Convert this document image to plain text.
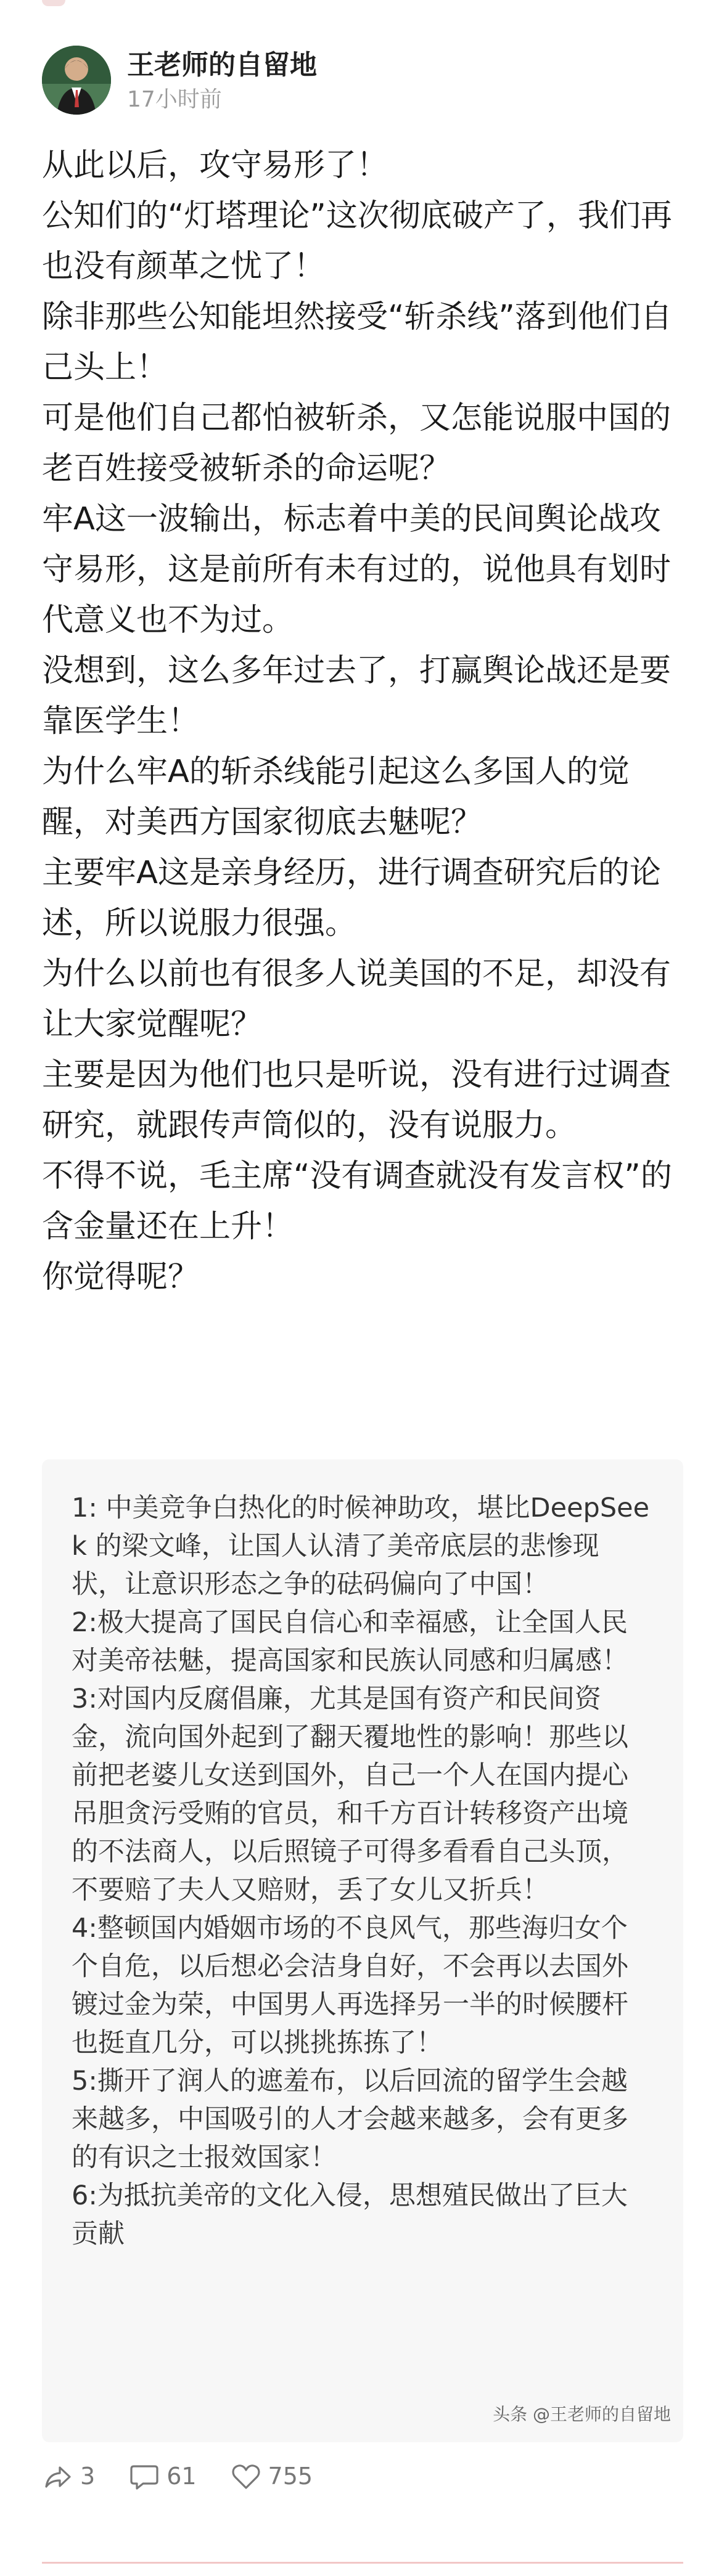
王老师的自留地
17小时前

从此以后，攻守易形了！

公知们的“灯塔理论”这次彻底破产了，我们再也没有颜革之忧了！

除非那些公知能坦然接受“斩杀线”落到他们自己头上！

可是他们自己都怕被斩杀，又怎能说服中国的老百姓接受被斩杀的命运呢？

牢A这一波输出，标志着中美的民间舆论战攻守易形，这是前所有未有过的，说他具有划时代意义也不为过。

没想到，这么多年过去了，打赢舆论战还是要靠医学生！

为什么牢A的斩杀线能引起这么多国人的觉醒，对美西方国家彻底去魅呢？

主要牢A这是亲身经历，进行调查研究后的论述，所以说服力很强。

为什么以前也有很多人说美国的不足，却没有让大家觉醒呢？

主要是因为他们也只是听说，没有进行过调查研究，就跟传声筒似的，没有说服力。

不得不说，毛主席“没有调查就没有发言权”的含金量还在上升！

你觉得呢？

1: 中美竞争白热化的时候神助攻，堪比DeepSeek 的梁文峰，让国人认清了美帝底层的悲惨现状，让意识形态之争的砝码偏向了中国！

2:极大提高了国民自信心和幸福感，让全国人民对美帝祛魅，提高国家和民族认同感和归属感！

3:对国内反腐倡廉，尤其是国有资产和民间资金，流向国外起到了翻天覆地性的影响！那些以前把老婆儿女送到国外，自己一个人在国内提心吊胆贪污受贿的官员，和千方百计转移资产出境的不法商人，以后照镜子可得多看看自己头顶，不要赔了夫人又赔财，丢了女儿又折兵！

4:整顿国内婚姻市场的不良风气，那些海归女个个自危，以后想必会洁身自好，不会再以去国外镀过金为荣，中国男人再选择另一半的时候腰杆也挺直几分，可以挑挑拣拣了！

5:撕开了润人的遮羞布，以后回流的留学生会越来越多，中国吸引的人才会越来越多，会有更多的有识之士报效国家！

6:为抵抗美帝的文化入侵，思想殖民做出了巨大贡献

头条 @王老师的自留地
3	61	755
